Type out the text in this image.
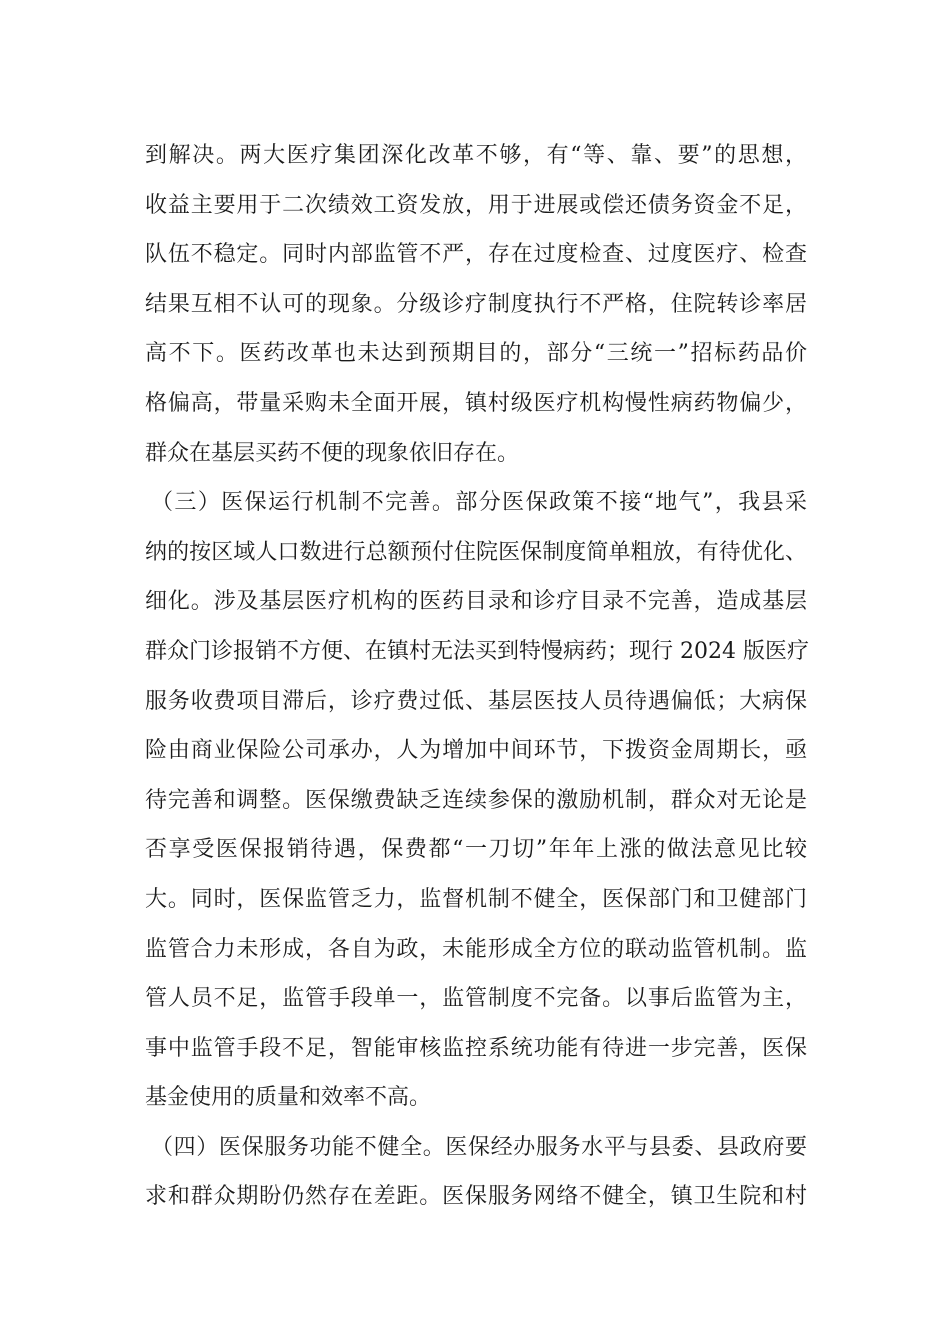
到解决。两大医疗集团深化改革不够，有“等、靠、要”的思想，
收益主要用于二次绩效工资发放，用于进展或偿还债务资金不足，
队伍不稳定。同时内部监管不严，存在过度检查、过度医疗、检查
结果互相不认可的现象。分级诊疗制度执行不严格，住院转诊率居
高不下。医药改革也未达到预期目的，部分“三统一”招标药品价
格偏高，带量采购未全面开展，镇村级医疗机构慢性病药物偏少，
群众在基层买药不便的现象依旧存在。
（三）医保运行机制不完善。部分医保政策不接“地气”，我县采
纳的按区域人口数进行总额预付住院医保制度简单粗放，有待优化、
细化。涉及基层医疗机构的医药目录和诊疗目录不完善，造成基层
群众门诊报销不方便、在镇村无法买到特慢病药；现行 2024 版医疗
服务收费项目滞后，诊疗费过低、基层医技人员待遇偏低；大病保
险由商业保险公司承办，人为增加中间环节，下拨资金周期长，亟
待完善和调整。医保缴费缺乏连续参保的激励机制，群众对无论是
否享受医保报销待遇，保费都“一刀切”年年上涨的做法意见比较
大。同时，医保监管乏力，监督机制不健全，医保部门和卫健部门
监管合力未形成，各自为政，未能形成全方位的联动监管机制。监
管人员不足，监管手段单一，监管制度不完备。以事后监管为主，
事中监管手段不足，智能审核监控系统功能有待进一步完善，医保
基金使用的质量和效率不高。
（四）医保服务功能不健全。医保经办服务水平与县委、县政府要
求和群众期盼仍然存在差距。医保服务网络不健全，镇卫生院和村
